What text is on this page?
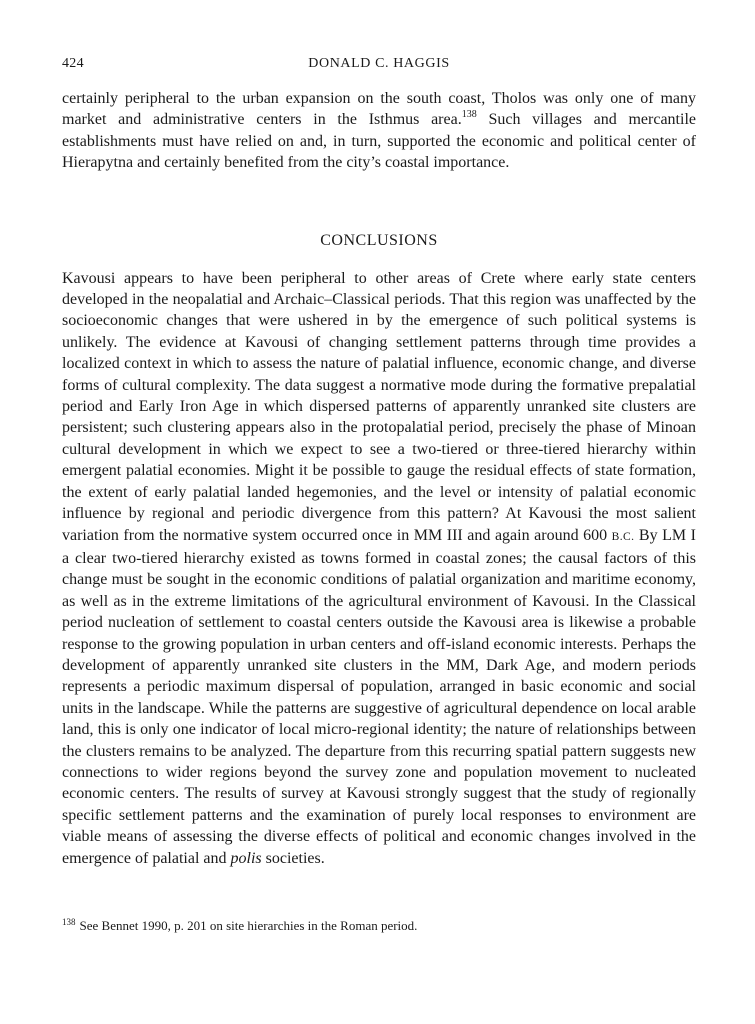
424	DONALD C. HAGGIS

certainly peripheral to the urban expansion on the south coast, Tholos was only one of many market and administrative centers in the Isthmus area.$^{138}$ Such villages and mercantile establishments must have relied on and, in turn, supported the economic and political center of Hierapytna and certainly benefited from the city’s coastal importance.

CONCLUSIONS

Kavousi appears to have been peripheral to other areas of Crete where early state centers developed in the neopalatial and Archaic–Classical periods. That this region was unaffected by the socioeconomic changes that were ushered in by the emergence of such political systems is unlikely. The evidence at Kavousi of changing settlement patterns through time provides a localized context in which to assess the nature of palatial influence, economic change, and diverse forms of cultural complexity. The data suggest a normative mode during the formative prepalatial period and Early Iron Age in which dispersed patterns of apparently unranked site clusters are persistent; such clustering appears also in the protopalatial period, precisely the phase of Minoan cultural development in which we expect to see a two-tiered or three-tiered hierarchy within emergent palatial economies. Might it be possible to gauge the residual effects of state formation, the extent of early palatial landed hegemonies, and the level or intensity of palatial economic influence by regional and periodic divergence from this pattern? At Kavousi the most salient variation from the normative system occurred once in MM III and again around 600 B.C. By LM I a clear two-tiered hierarchy existed as towns formed in coastal zones; the causal factors of this change must be sought in the economic conditions of palatial organization and maritime economy, as well as in the extreme limitations of the agricultural environment of Kavousi. In the Classical period nucleation of settlement to coastal centers outside the Kavousi area is likewise a probable response to the growing population in urban centers and off-island economic interests. Perhaps the development of apparently unranked site clusters in the MM, Dark Age, and modern periods represents a periodic maximum dispersal of population, arranged in basic economic and social units in the landscape. While the patterns are suggestive of agricultural dependence on local arable land, this is only one indicator of local micro-regional identity; the nature of relationships between the clusters remains to be analyzed. The departure from this recurring spatial pattern suggests new connections to wider regions beyond the survey zone and population movement to nucleated economic centers. The results of survey at Kavousi strongly suggest that the study of regionally specific settlement patterns and the examination of purely local responses to environment are viable means of assessing the diverse effects of political and economic changes involved in the emergence of palatial and polis societies.

$^{138}$ See Bennet 1990, p. 201 on site hierarchies in the Roman period.
